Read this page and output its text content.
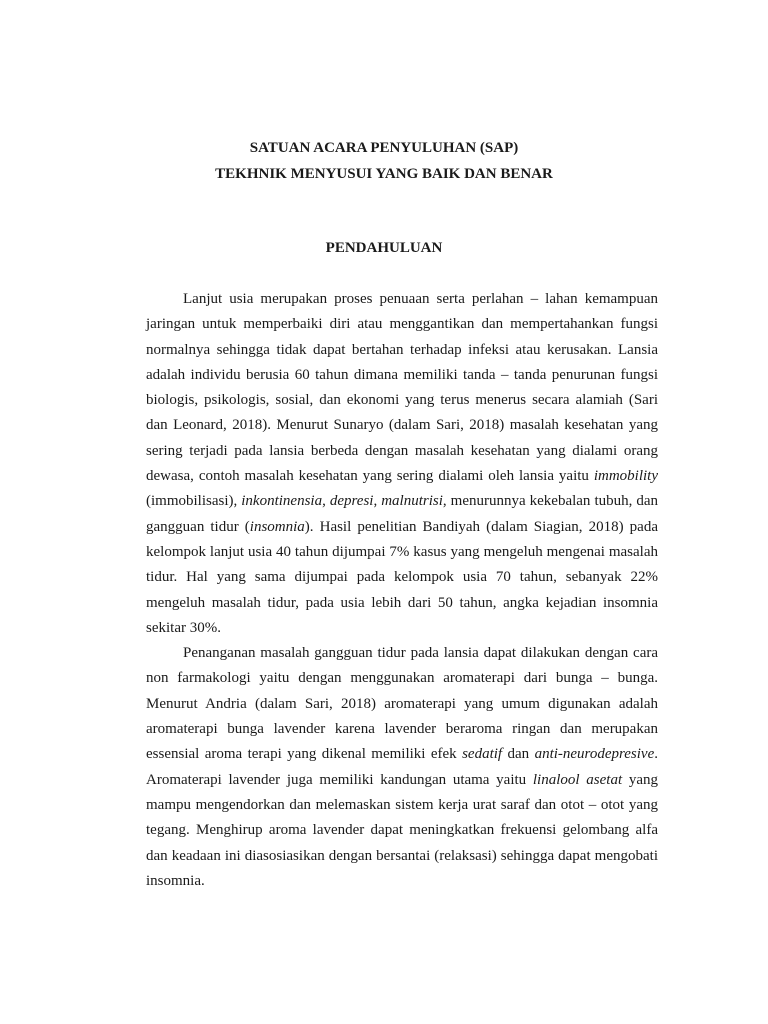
SATUAN ACARA PENYULUHAN (SAP)
TEKHNIK MENYUSUI YANG BAIK DAN BENAR
PENDAHULUAN

Lanjut usia merupakan proses penuaan serta perlahan – lahan kemampuan jaringan untuk memperbaiki diri atau menggantikan dan mempertahankan fungsi normalnya sehingga tidak dapat bertahan terhadap infeksi atau kerusakan. Lansia adalah individu berusia 60 tahun dimana memiliki tanda – tanda penurunan fungsi biologis, psikologis, sosial, dan ekonomi yang terus menerus secara alamiah (Sari dan Leonard, 2018). Menurut Sunaryo (dalam Sari, 2018) masalah kesehatan yang sering terjadi pada lansia berbeda dengan masalah kesehatan yang dialami orang dewasa, contoh masalah kesehatan yang sering dialami oleh lansia yaitu immobility (immobilisasi), inkontinensia, depresi, malnutrisi, menurunnya kekebalan tubuh, dan gangguan tidur (insomnia). Hasil penelitian Bandiyah (dalam Siagian, 2018) pada kelompok lanjut usia 40 tahun dijumpai 7% kasus yang mengeluh mengenai masalah tidur. Hal yang sama dijumpai pada kelompok usia 70 tahun, sebanyak 22% mengeluh masalah tidur, pada usia lebih dari 50 tahun, angka kejadian insomnia sekitar 30%.

Penanganan masalah gangguan tidur pada lansia dapat dilakukan dengan cara non farmakologi yaitu dengan menggunakan aromaterapi dari bunga – bunga. Menurut Andria (dalam Sari, 2018) aromaterapi yang umum digunakan adalah aromaterapi bunga lavender karena lavender beraroma ringan dan merupakan essensial aroma terapi yang dikenal memiliki efek sedatif dan anti-neurodepresive. Aromaterapi lavender juga memiliki kandungan utama yaitu linalool asetat yang mampu mengendorkan dan melemaskan sistem kerja urat saraf dan otot – otot yang tegang. Menghirup aroma lavender dapat meningkatkan frekuensi gelombang alfa dan keadaan ini diasosiasikan dengan bersantai (relaksasi) sehingga dapat mengobati insomnia.
